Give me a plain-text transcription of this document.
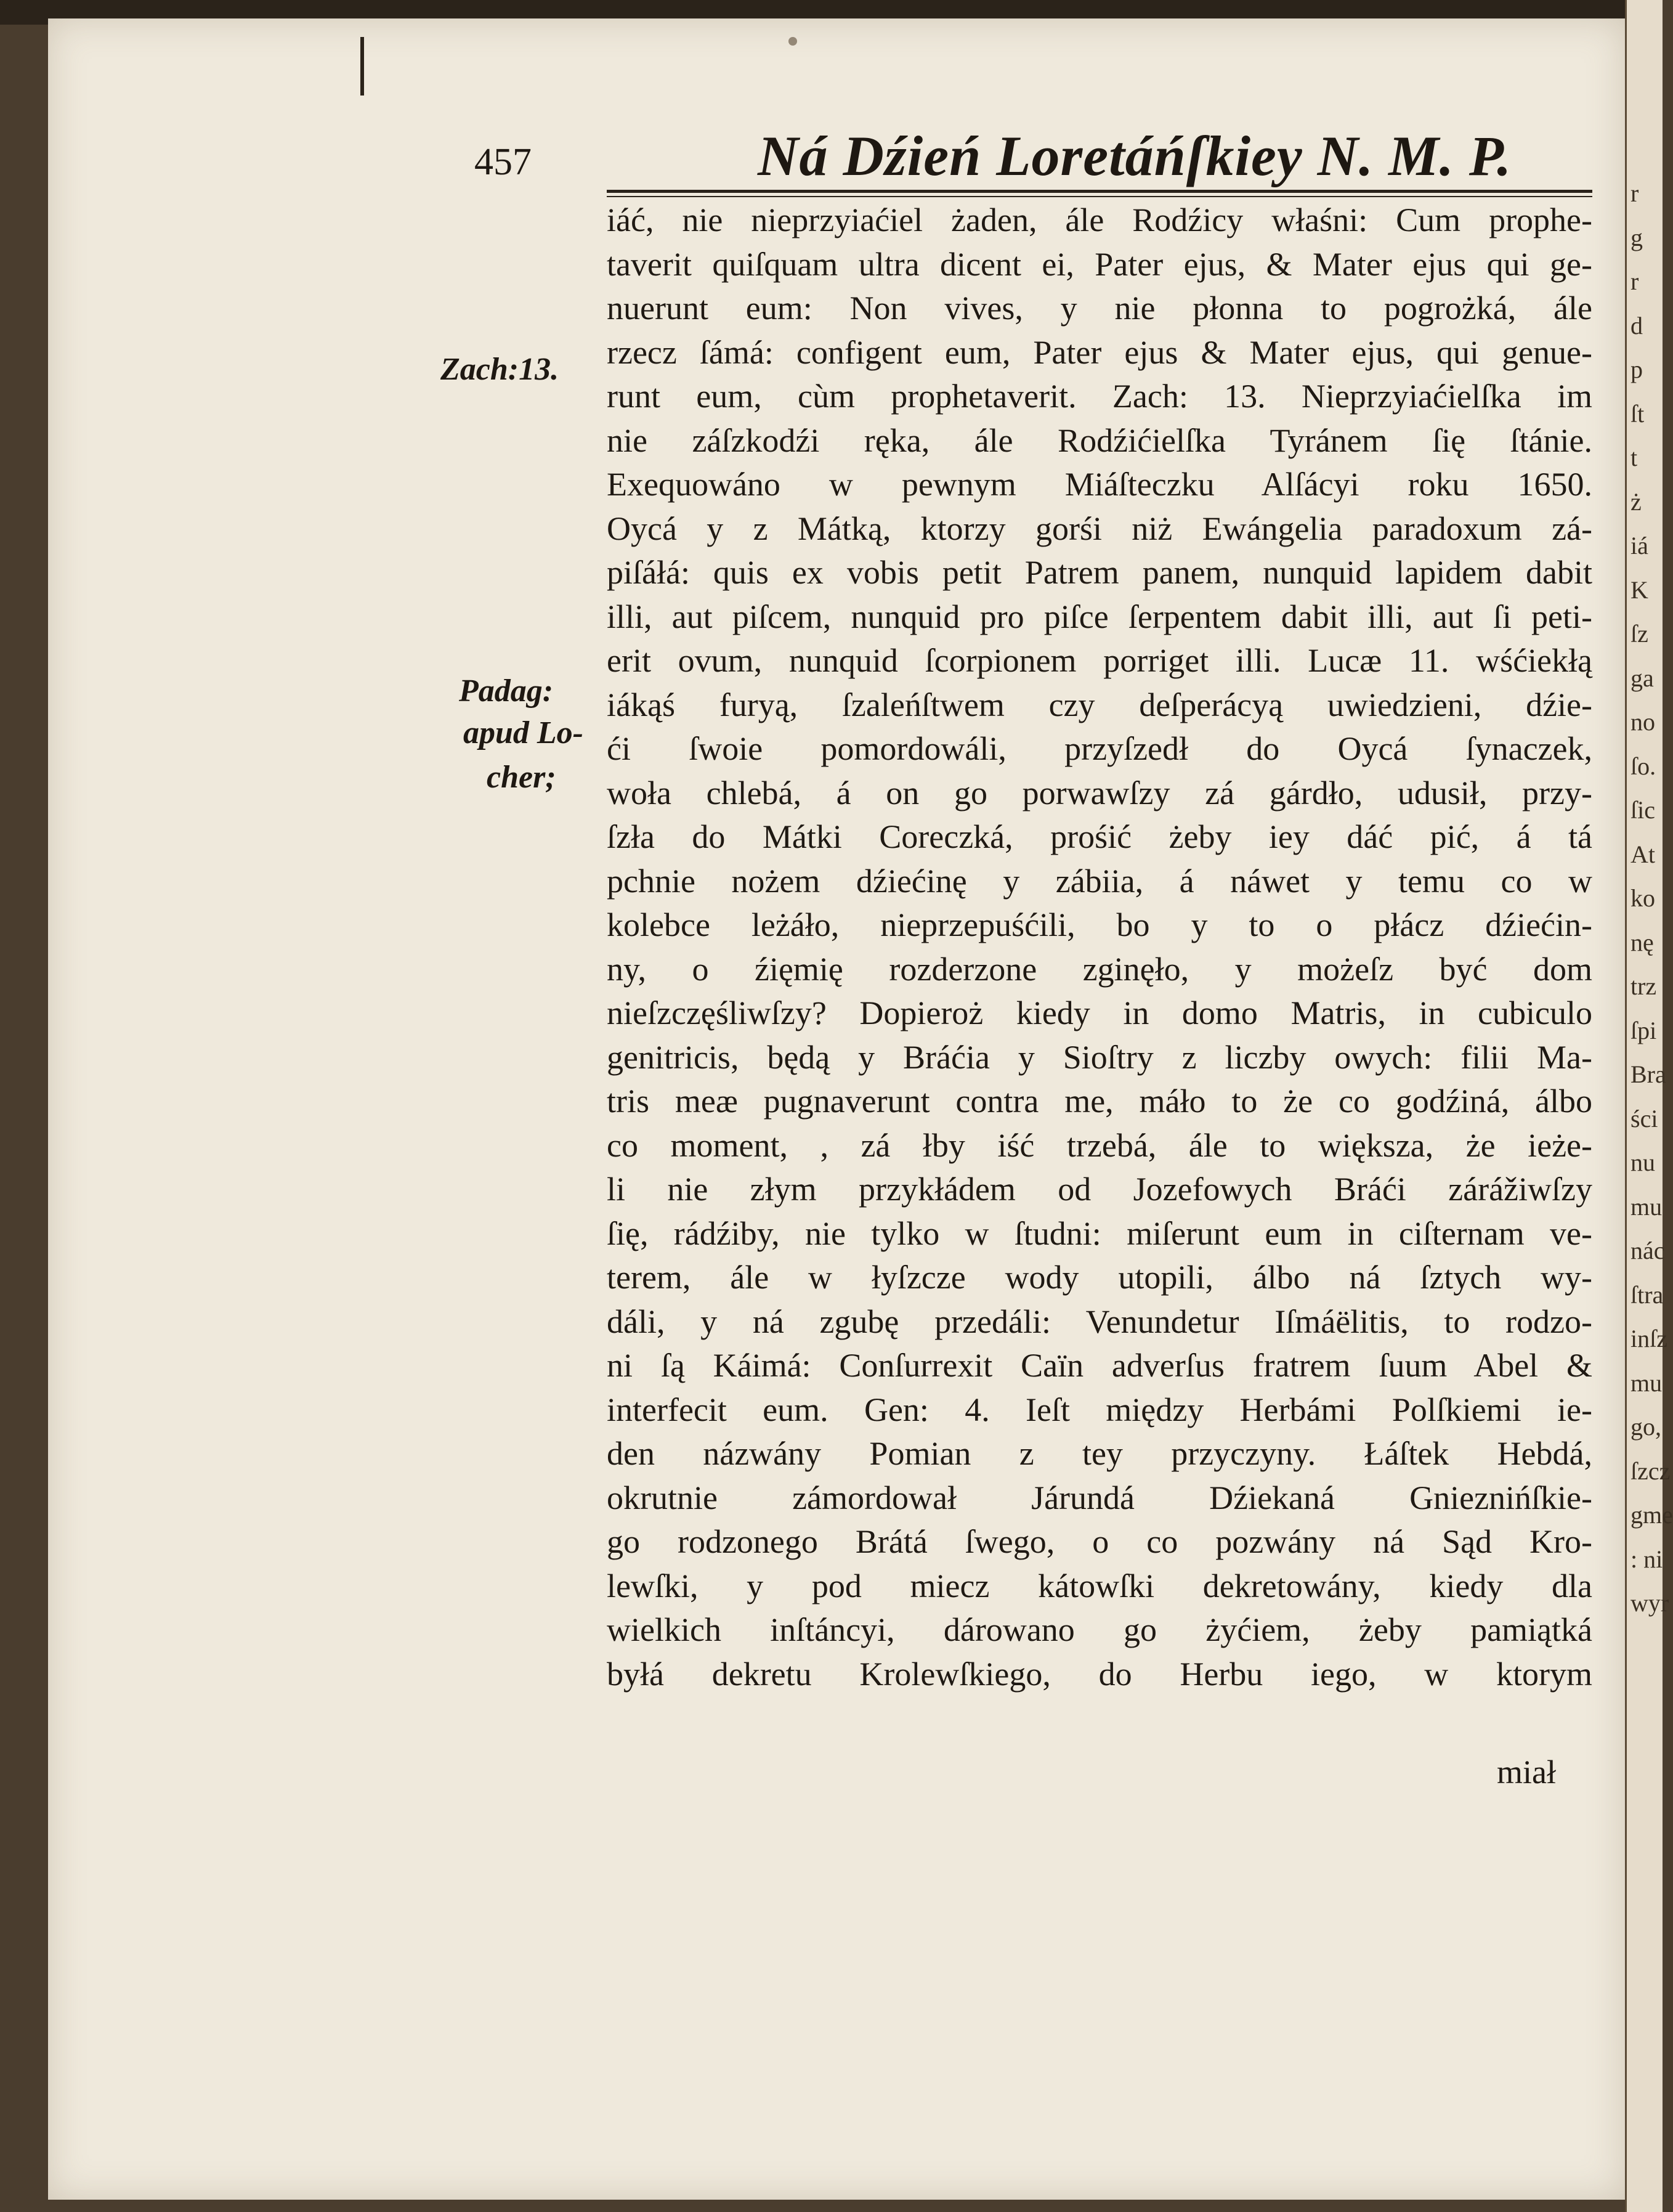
r
g
r
d
p
ſt
t
ż
iá
K
ſz
ga
no
ſo.
ſic
At
ko
nę
trz
ſpi
Bra
ści
nu
mu
nác
ſtra
inſz
mu
go,
ſzcz
gme
: ni
wyr
457	Ná Dźień Loretáńſkiey N. M. P.
Zach:13.
Padag:
apud Lo-
cher;
iáć, nie nieprzyiaćiel żaden, ále Rodźicy właśni: Cum prophe-
taverit quiſquam ultra dicent ei, Pater ejus, & Mater ejus qui ge-
nuerunt eum: Non vives, y nie płonna to pogrożká, ále
rzecz ſámá: configent eum, Pater ejus & Mater ejus, qui genue-
runt eum, cùm prophetaverit. Zach: 13. Nieprzyiaćielſka im
nie záſzkodźi ręka, ále Rodźićielſka Tyránem ſię ſtánie.
Exequowáno w pewnym Miáſteczku Alſácyi roku 1650.
Oycá y z Mátką, ktorzy gorśi niż Ewángelia paradoxum zá-
piſáłá: quis ex vobis petit Patrem panem, nunquid lapidem dabit
illi, aut piſcem, nunquid pro piſce ſerpentem dabit illi, aut ſi peti-
erit ovum, nunquid ſcorpionem porriget illi. Lucæ 11. wśćiekłą
iákąś furyą, ſzaleńſtwem czy deſperácyą uwiedzieni, dźie-
ći ſwoie pomordowáli, przyſzedł do Oycá ſynaczek,
woła chlebá, á on go porwawſzy zá gárdło, udusił, przy-
ſzła do Mátki Coreczká, prośić żeby iey dáć pić, á tá
pchnie nożem dźiećinę y zábiia, á náwet y temu co w
kolebce leżáło, nieprzepuśćili, bo y to o płácz dźiećin-
ny, o źięmię rozderzone zginęło, y możeſz być dom
nieſzczęśliwſzy? Dopieroż kiedy in domo Matris, in cubiculo
genitricis, będą y Bráćia y Sioſtry z liczby owych: filii Ma-
tris meæ pugnaverunt contra me, máło to że co godźiná, álbo
co moment, , zá łby iść trzebá, ále to większa, że ieże-
li nie złym przykłádem od Jozefowych Bráći zárážiwſzy
ſię, rádźiby, nie tylko w ſtudni: miſerunt eum in ciſternam ve-
terem, ále w łyſzcze wody utopili, álbo ná ſztych wy-
dáli, y ná zgubę przedáli: Venundetur Iſmáëlitis, to rodzo-
ni ſą Káimá: Conſurrexit Caïn adverſus fratrem ſuum Abel &
interfecit eum. Gen: 4. Ieſt między Herbámi Polſkiemi ie-
den názwány Pomian z tey przyczyny. Łáſtek Hebdá,
okrutnie zámordował Járundá Dźiekaná Gnieznińſkie-
go rodzonego Brátá ſwego, o co pozwány ná Sąd Kro-
lewſki, y pod miecz kátowſki dekretowány, kiedy dla
wielkich inſtáncyi, dárowano go żyćiem, żeby pamiątká
byłá dekretu Krolewſkiego, do Herbu iego, w ktorym
miał
